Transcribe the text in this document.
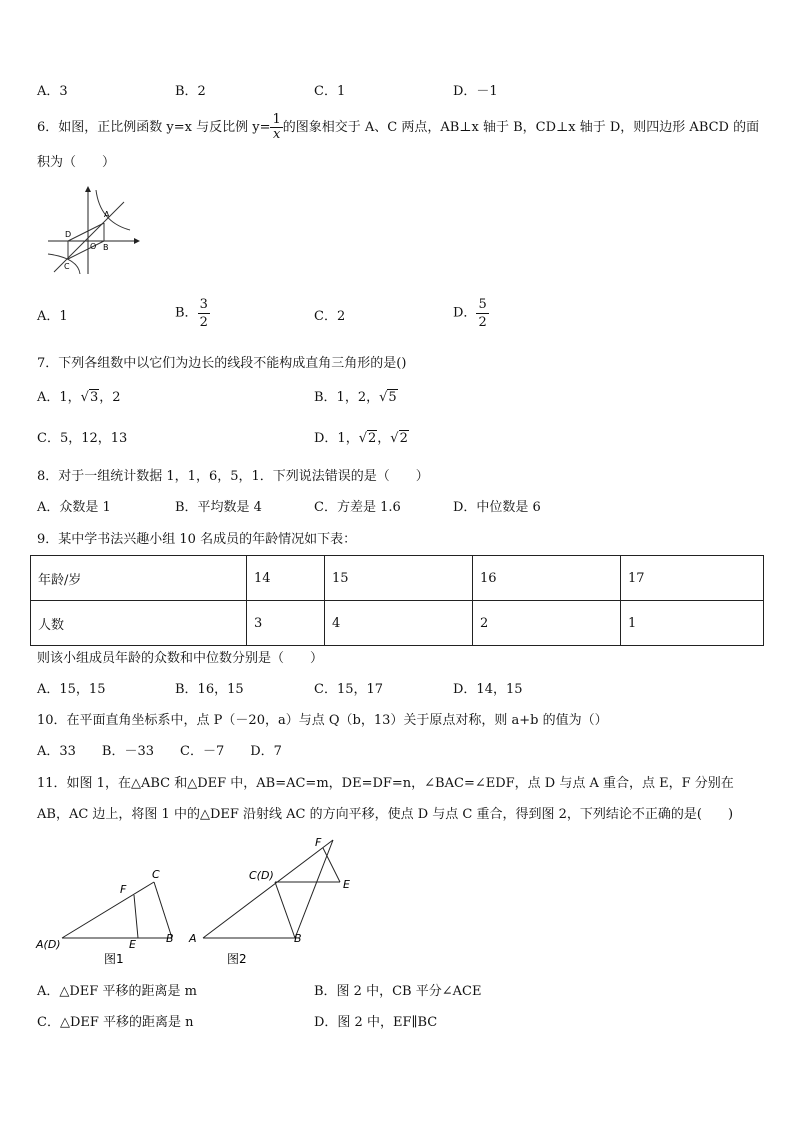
A．3	B．2	C．1	D．－1
6．如图，正比例函数 y=x 与反比例 $y= \frac{1}{x}$ 的图象相交于 A、C 两点，AB⊥x 轴于 B，CD⊥x 轴于 D，则四边形 ABCD 的面
积为（　　）
A
B
C
D
O
A．1	B． $\frac{3}{2}$	C．2	D． $\frac{5}{2}$
7．下列各组数中以它们为边长的线段不能构成直角三角形的是()
A．1，√3，2	B．1，2，√5
C．5，12，13	D．1，√2，√2
8．对于一组统计数据 1，1，6，5，1．下列说法错误的是（　　）
A．众数是 1	B．平均数是 4	C．方差是 1.6	D．中位数是 6
9．某中学书法兴趣小组 10 名成员的年龄情况如下表：
年龄/岁	14	15	16	17
人数	3	4	2	1
则该小组成员年龄的众数和中位数分别是（　　）
A．15，15	B．16，15	C．15，17	D．14，15
10．在平面直角坐标系中，点 P（－20，a）与点 Q（b，13）关于原点对称，则 a+b 的值为（）
A．33　　B．－33　　C．－7　　D．7
11．如图 1，在△ABC 和△DEF 中，AB=AC=m，DE=DF=n，∠BAC=∠EDF，点 D 与点 A 重合，点 E，F 分别在
AB，AC 边上，将图 1 中的△DEF 沿射线 AC 的方向平移，使点 D 与点 C 重合，得到图 2，下列结论不正确的是(　　)
A(D)	E	B
F
C
图1
A	B
C(D)
F
E
图2
A．△DEF 平移的距离是 m	B．图 2 中，CB 平分∠ACE
C．△DEF 平移的距离是 n	D．图 2 中，EF∥BC
